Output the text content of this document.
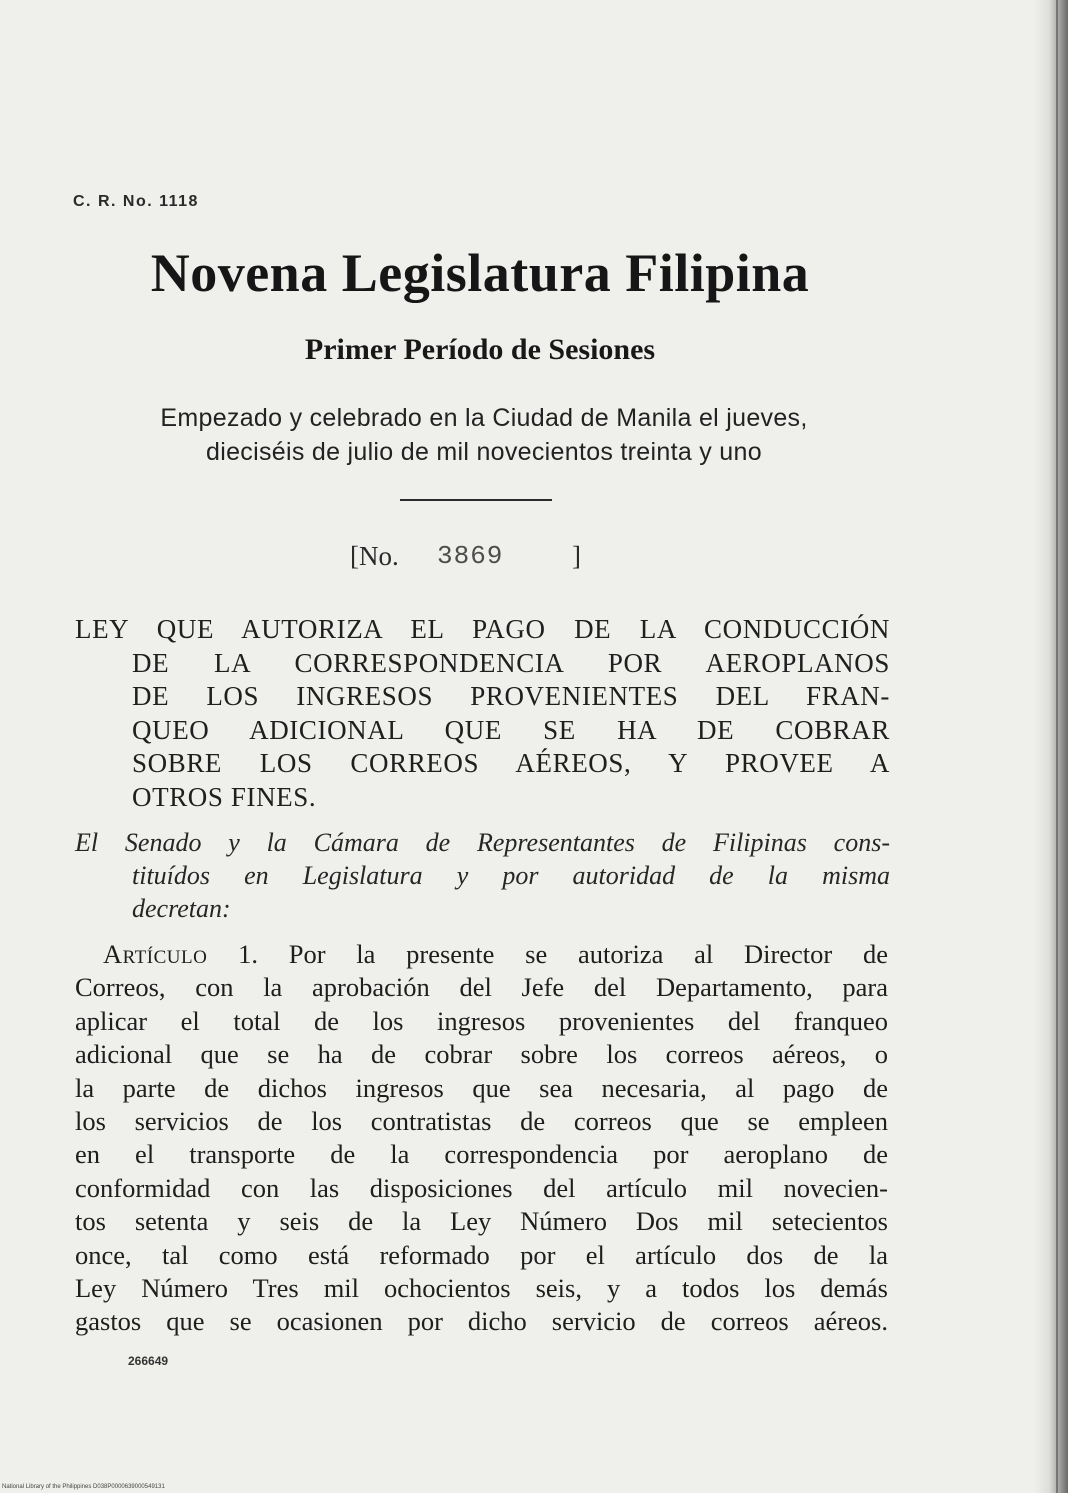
C. R. No. 1118
Novena Legislatura Filipina
Primer Período de Sesiones
Empezado y celebrado en la Ciudad de Manila el jueves,
dieciséis de julio de mil novecientos treinta y uno
[No. 3869	]
LEY QUE AUTORIZA EL PAGO DE LA CONDUCCIÓN
DE LA CORRESPONDENCIA POR AEROPLANOS
DE LOS INGRESOS PROVENIENTES DEL FRAN-
QUEO ADICIONAL QUE SE HA DE COBRAR
SOBRE LOS CORREOS AÉREOS, Y PROVEE A
OTROS FINES.
El Senado y la Cámara de Representantes de Filipinas cons-
tituídos en Legislatura y por autoridad de la misma
decretan:
Artículo 1. Por la presente se autoriza al Director de
Correos, con la aprobación del Jefe del Departamento, para
aplicar el total de los ingresos provenientes del franqueo
adicional que se ha de cobrar sobre los correos aéreos, o
la parte de dichos ingresos que sea necesaria, al pago de
los servicios de los contratistas de correos que se empleen
en el transporte de la correspondencia por aeroplano de
conformidad con las disposiciones del artículo mil novecien-
tos setenta y seis de la Ley Número Dos mil setecientos
once, tal como está reformado por el artículo dos de la
Ley Número Tres mil ochocientos seis, y a todos los demás
gastos que se ocasionen por dicho servicio de correos aéreos.
266649
National Library of the Philippines D038P0000639000549131
